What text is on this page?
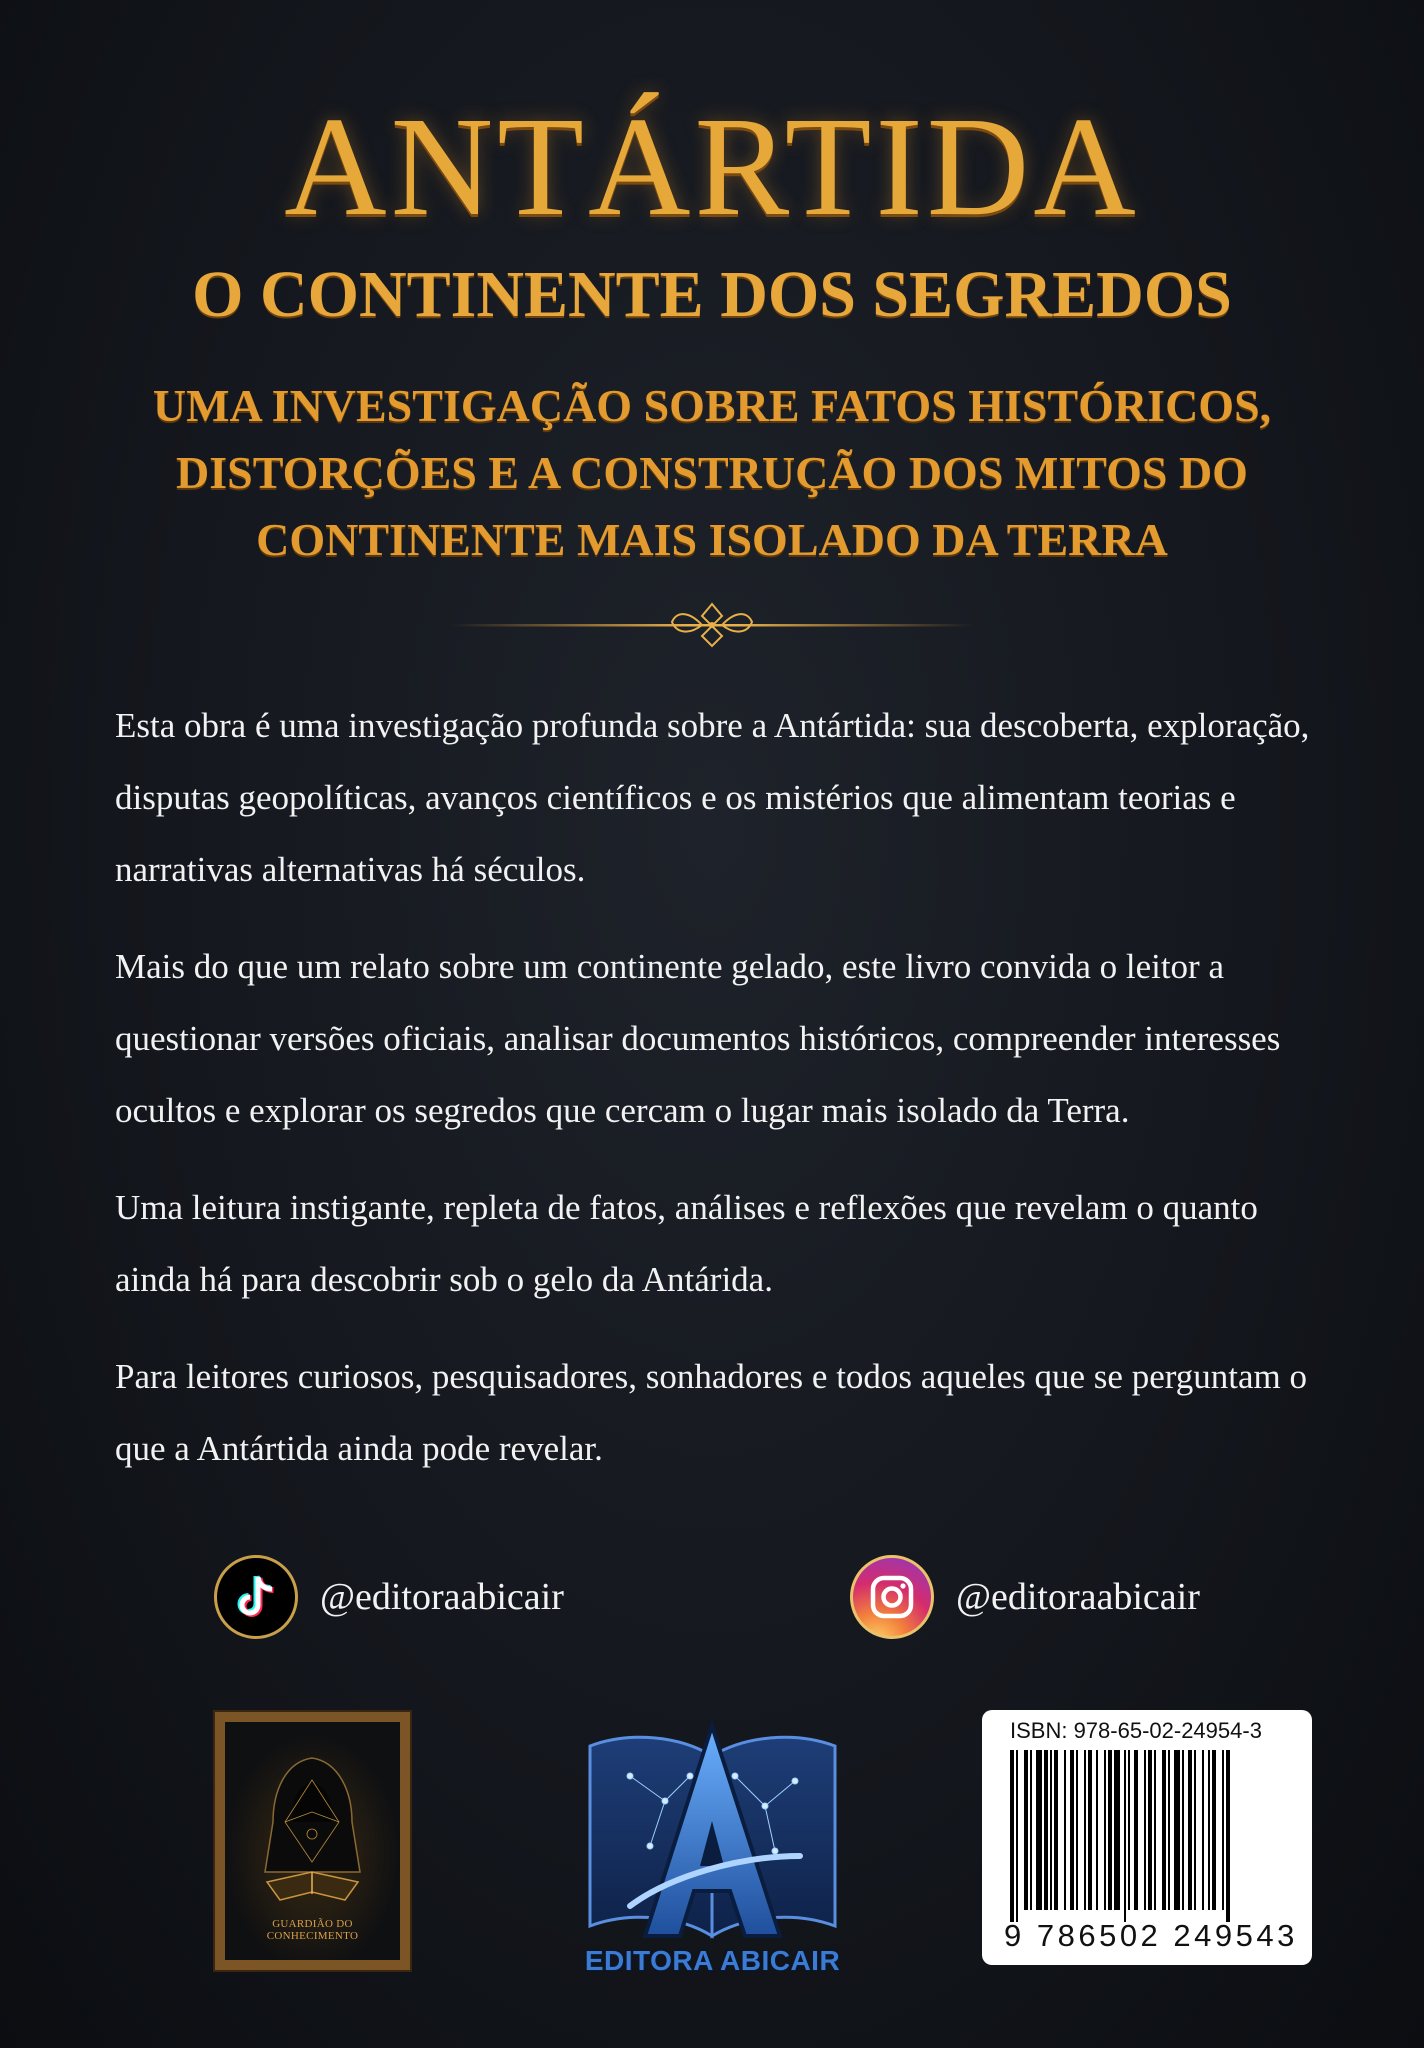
ANTÁRTIDA
O CONTINENTE DOS SEGREDOS
UMA INVESTIGAÇÃO SOBRE FATOS HISTÓRICOS, DISTORÇÕES E A CONSTRUÇÃO DOS MITOS DO CONTINENTE MAIS ISOLADO DA TERRA

Esta obra é uma investigação profunda sobre a Antártida: sua descoberta, exploração, disputas geopolíticas, avanços científicos e os mistérios que alimentam teorias e narrativas alternativas há séculos.

Mais do que um relato sobre um continente gelado, este livro convida o leitor a questionar versões oficiais, analisar documentos históricos, compreender interesses ocultos e explorar os segredos que cercam o lugar mais isolado da Terra.

Uma leitura instigante, repleta de fatos, análises e reflexões que revelam o quanto ainda há para descobrir sob o gelo da Antárida.

Para leitores curiosos, pesquisadores, sonhadores e todos aqueles que se perguntam o que a Antártida ainda pode revelar.

@editoraabicair	@editoraabicair
GUARDIÃO DO CONHECIMENTO
EDITORA ABICAIR
ISBN: 978-65-02-24954-3
9 786502 249543
